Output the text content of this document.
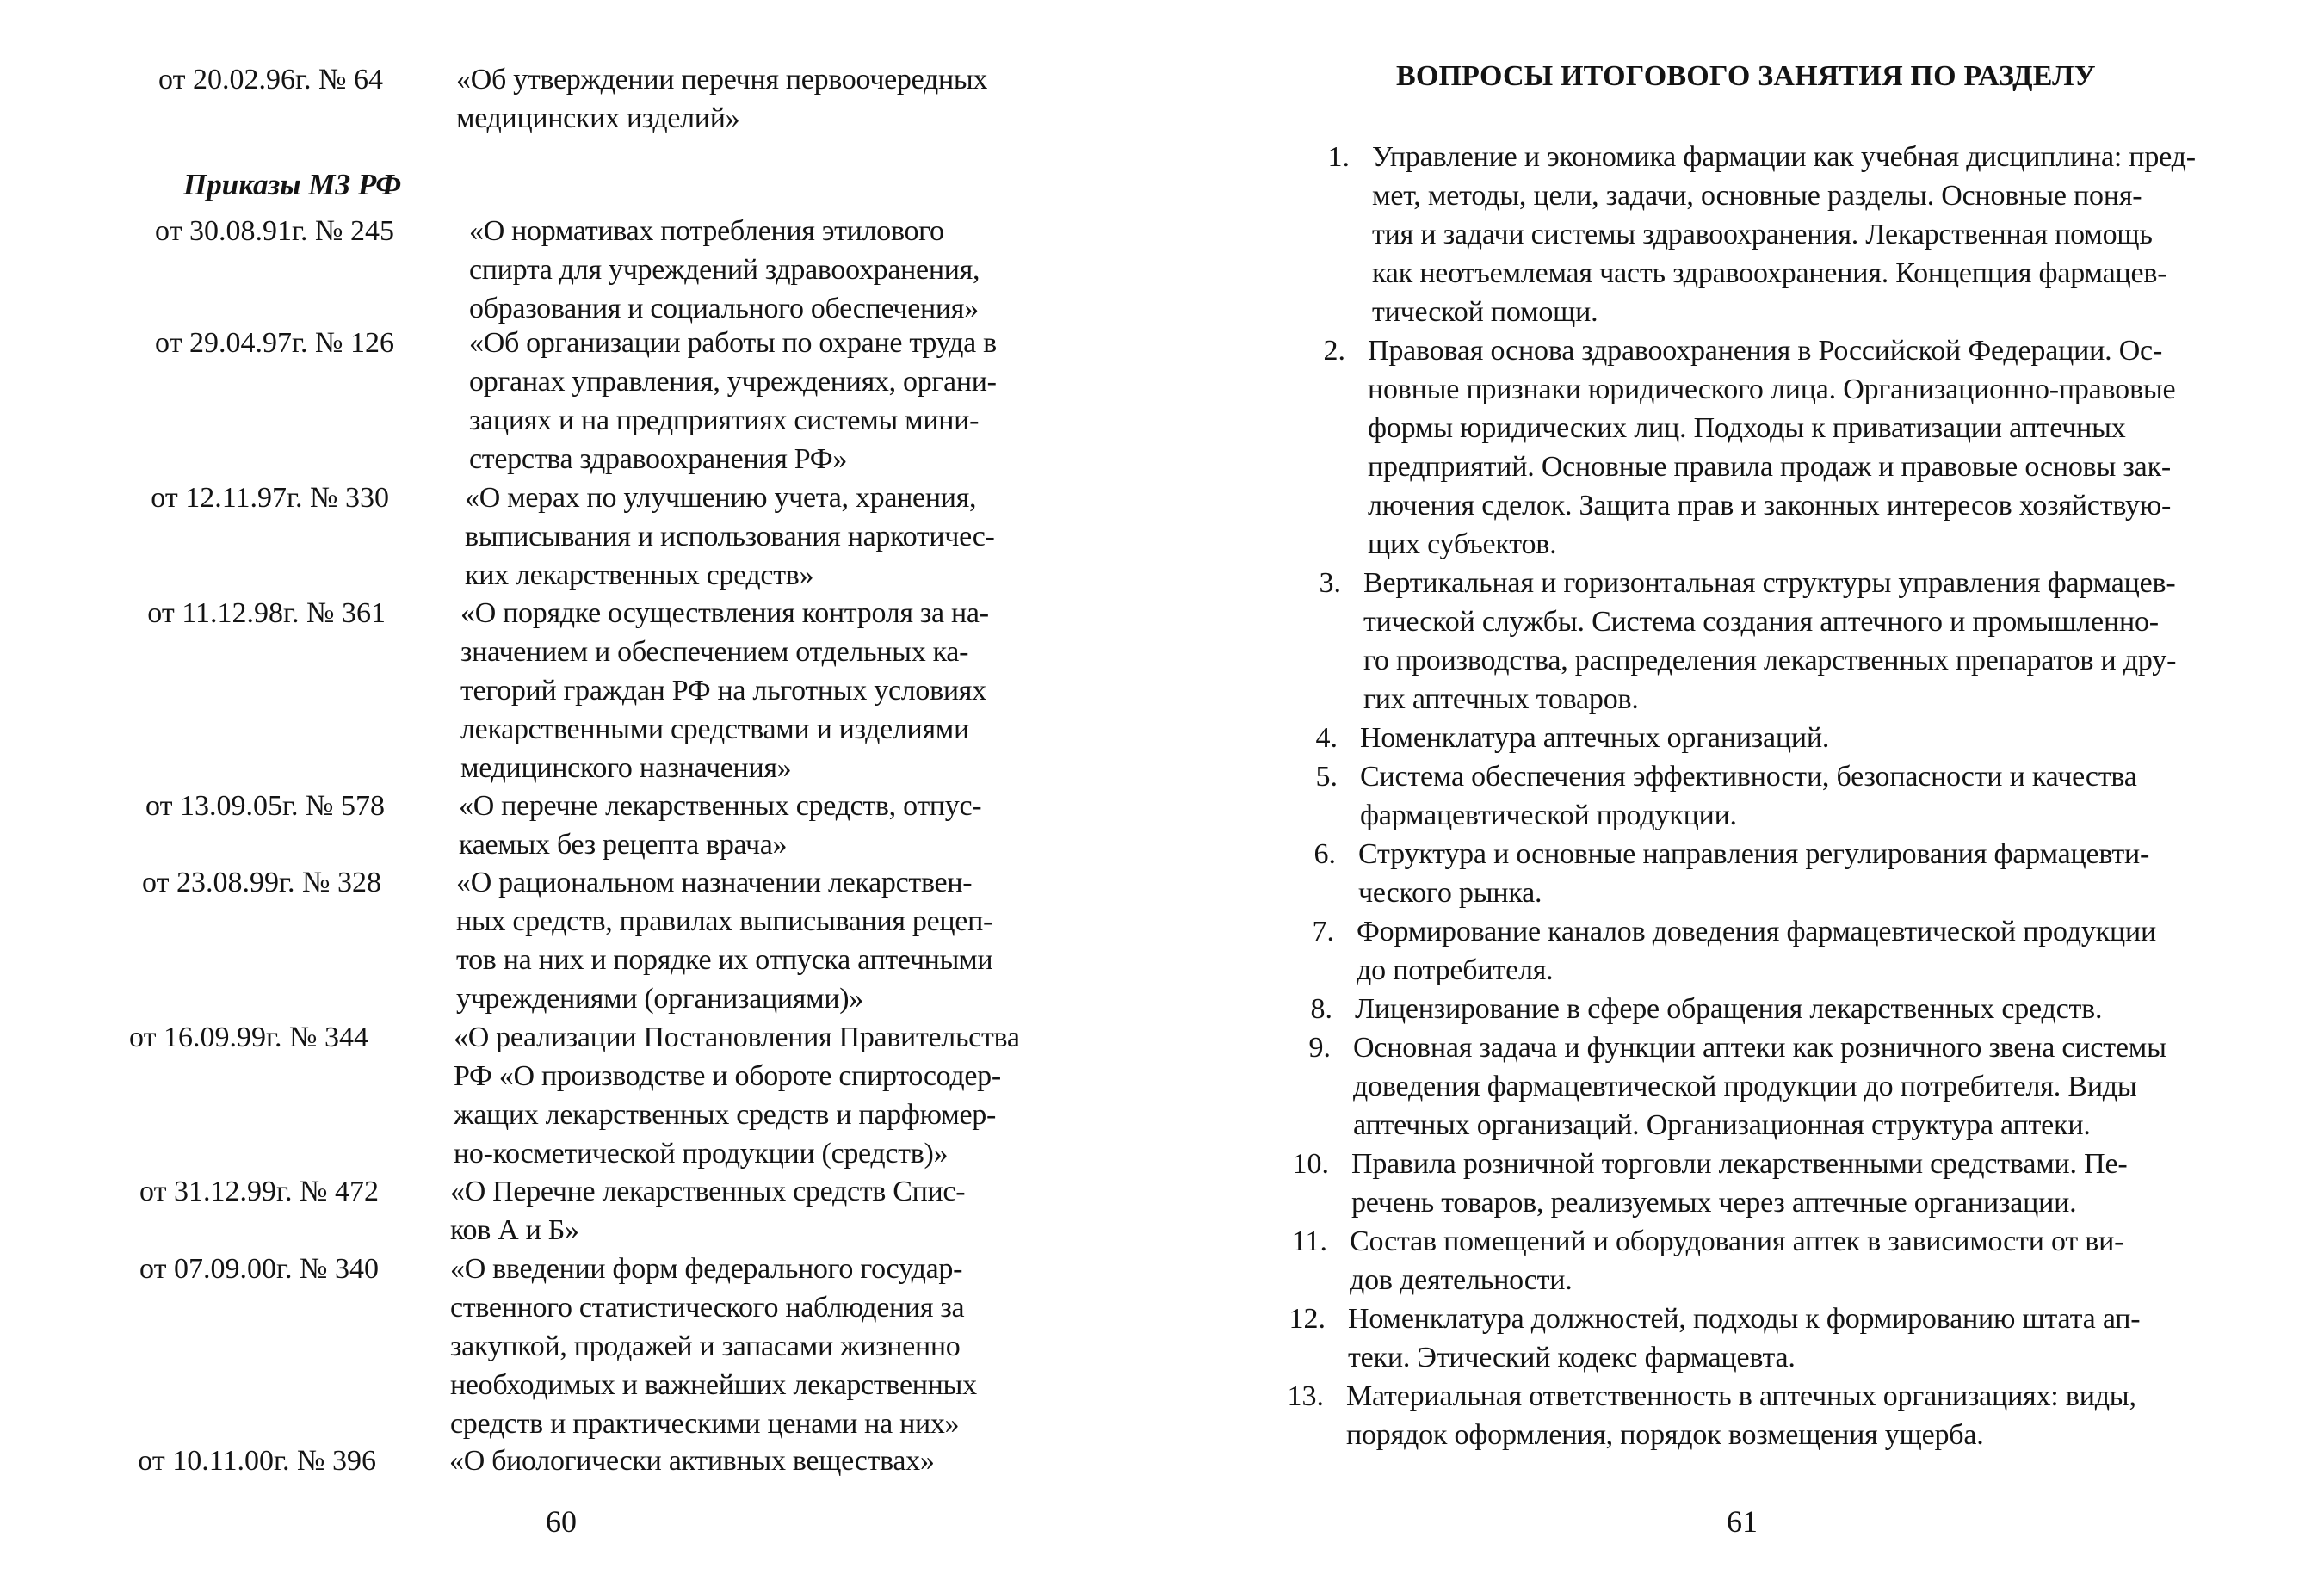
от 20.02.96г. № 64	«Об утверждении перечня первоочередных
медицинских изделий»
Приказы МЗ РФ
от 30.08.91г. № 245	«О нормативах потребления этилового
спирта для учреждений здравоохранения,
образования и социального обеспечения»
от 29.04.97г. № 126	«Об организации работы по охране труда в
органах управления, учреждениях, органи-
зациях и на предприятиях системы мини-
стерства здравоохранения РФ»
от 12.11.97г. № 330	«О мерах по улучшению учета, хранения,
выписывания и использования наркотичес-
ких лекарственных средств»
от 11.12.98г. № 361	«О порядке осуществления контроля за на-
значением и обеспечением отдельных ка-
тегорий граждан РФ на льготных условиях
лекарственными средствами и изделиями
медицинского назначения»
от 13.09.05г. № 578	«О перечне лекарственных средств, отпус-
каемых без рецепта врача»
от 23.08.99г. № 328	«О рациональном назначении лекарствен-
ных средств, правилах выписывания рецеп-
тов на них и порядке их отпуска аптечными
учреждениями (организациями)»
от 16.09.99г. № 344	«О реализации Постановления Правительства
РФ «О производстве и обороте спиртосодер-
жащих лекарственных средств и парфюмер-
но-косметической продукции (средств)»
от 31.12.99г. № 472 «О Перечне лекарственных средств Спис-
ков А и Б»
от 07.09.00г. № 340 «О введении форм федерального государ-
ственного статистического наблюдения за
закупкой, продажей и запасами жизненно
необходимых и важнейших лекарственных
средств и практическими ценами на них»
от 10.11.00г. № 396	«О биологически активных веществах»
60
ВОПРОСЫ ИТОГОВОГО ЗАНЯТИЯ ПО РАЗДЕЛУ
1. Управление и экономика фармации как учебная дисциплина: пред-
мет, методы, цели, задачи, основные разделы. Основные поня-
тия и задачи системы здравоохранения. Лекарственная помощь
как неотъемлемая часть здравоохранения. Концепция фармацев-
тической помощи.
2. Правовая основа здравоохранения в Российской Федерации. Ос-
новные признаки юридического лица. Организационно-правовые
формы юридических лиц. Подходы к приватизации аптечных
предприятий. Основные правила продаж и правовые основы зак-
лючения сделок. Защита прав и законных интересов хозяйствую-
щих субъектов.
3. Вертикальная и горизонтальная структуры управления фармацев-
тической службы. Система создания аптечного и промышленно-
го производства, распределения лекарственных препаратов и дру-
гих аптечных товаров.
4. Номенклатура аптечных организаций.
5. Система обеспечения эффективности, безопасности и качества
фармацевтической продукции.
6. Структура и основные направления регулирования фармацевти-
ческого рынка.
7. Формирование каналов доведения фармацевтической продукции
до потребителя.
8. Лицензирование в сфере обращения лекарственных средств.
9. Основная задача и функции аптеки как розничного звена системы
доведения фармацевтической продукции до потребителя. Виды
аптечных организаций. Организационная структура аптеки.
10. Правила розничной торговли лекарственными средствами. Пе-
речень товаров, реализуемых через аптечные организации.
11. Состав помещений и оборудования аптек в зависимости от ви-
дов деятельности.
12. Номенклатура должностей, подходы к формированию штата ап-
теки. Этический кодекс фармацевта.
13. Материальная ответственность в аптечных организациях: виды,
порядок оформления, порядок возмещения ущерба.
61
